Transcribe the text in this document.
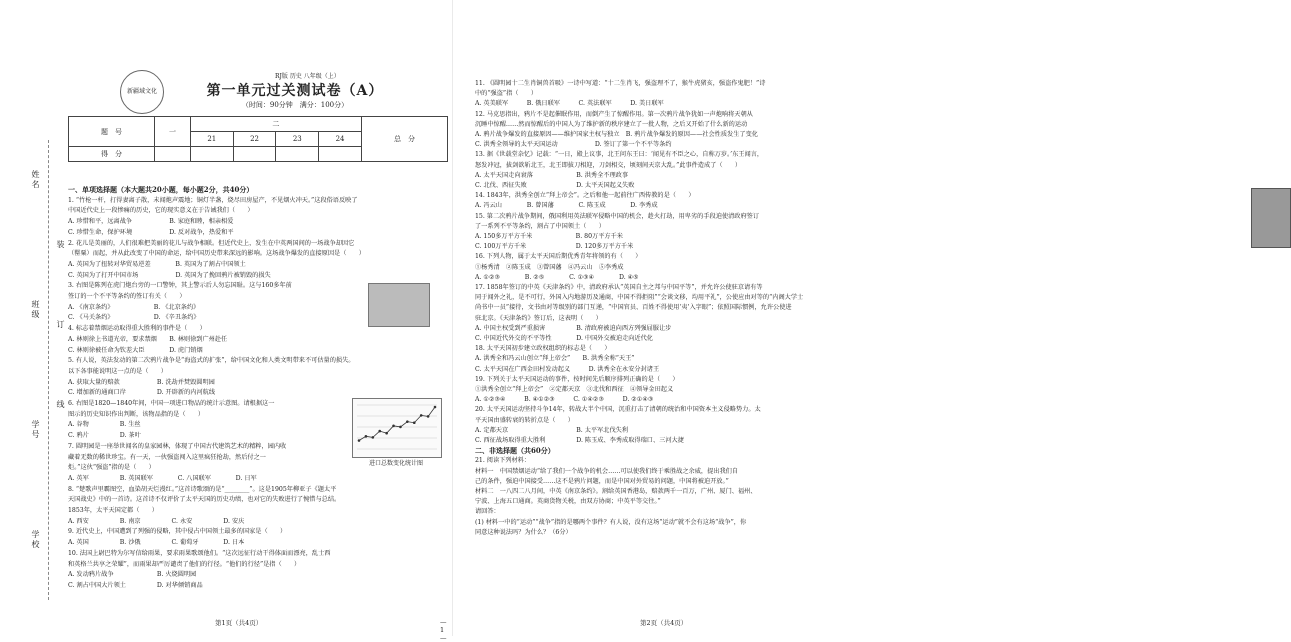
姓名
班级
学号
学校
装
订
线
新疆域文化
RJ版 历史 八年级（上）
第一单元过关测试卷（A）
（时间：90分钟　满分：100分）
题　号	一	二				总　分
		21	22	23	24	
得　分						
一、单项选择题（本大题共20小题，每小题2分，共40分）
1. “竹枪一杆，打得妻离子散，未闻炮声震地；铜灯半盏，烧尽田房屋产，不见烟火冲天。”这段俗语反映了
中国近代史上一段惨痛的历史，它的现实意义在于告诫我们（　　）
A. 珍惜和平，远离战争　　　　　　B. 家庭和睦，相亲相爱
C. 珍惜生命，保护环境　　　　　　D. 反对战争，热爱和平
2. 花儿是美丽的，人们很难把美丽的花儿与战争相联。但近代史上，发生在中英两国间的一场战争却因它
（罂粟）而起，并从此改变了中国的命运，给中国历史带来深远的影响。这场战争爆发的直接原因是（　　）
A. 英国为了扭转对华贸易逆差　　　　B. 英国为了割占中国领土
C. 英国为了打开中国市场　　　　　　D. 英国为了挽回鸦片被销毁的损失
3. 右图是陈列在虎门炮台旁的一口警钟，其上警示后人勿忘国耻。这与160多年前
签订的一个不平等条约的签订有关（　　）
A. 《南京条约》　　　　　　　B. 《北京条约》
C. 《马关条约》　　　　　　　D. 《辛丑条约》
4. 标志着禁烟运动取得重大胜利的事件是（　　）
A. 林则徐上书道光帝，要求禁烟　　B. 林则徐到广州赴任
C. 林则徐被任命为钦差大臣　　　　D. 虎门销烟
5. 有人说，英法发动的第二次鸦片战争是“海盗式的扩张”，给中国文化和人类文明带来不可估量的损失。
以下各事能说明这一点的是（　　）
A. 获取大量的赔款　　　　　　B. 洗劫并焚毁圆明园
C. 增加新的通商口岸　　　　　D. 开辟新的内河航线
6. 右图是1820—1840年间，中国一项进口物品的统计示意图。请根据这一
图示的历史知识作出判断，该物品指的是（　　）
A. 谷物　　　　　B. 生丝
C. 鸦片　　　　　D. 茶叶
7. 圆明园是一座举世闻名的皇家园林，体现了中国古代建筑艺术的精粹，园内收
藏着无数的稀世珍宝。有一天，一伙强盗闯入这里疯狂抢劫，然后付之一
炬。”这伙“强盗”指的是（　　）
A. 英军　　　　　B. 英国联军　　　　C. 八国联军　　　　D. 日军
8. “楚歌声里霸图空，血染胡天烂漫红。”这首诗歌颂的是“________”。这是1905年柳亚子《题太平
天国战史》中的一首诗。这首诗不仅评价了太平天国的历史功绩，也对它的失败进行了惋惜与总结。
1853年，太平天国定都（　　）
A. 西安　　　　　B. 南京　　　　　C. 永安　　　　　D. 安庆
9. 近代史上，中国遭到了列强的侵略，其中侵占中国领土最多的国家是（　　）
A. 英国　　　　　B. 沙俄　　　　　C. 葡萄牙　　　　D. 日本
10. 法国上尉巴特为尔写信给雨果，要求雨果歌颂他们。“这次远征行动干得体面而漂亮，乱士西
和英格兰共享之荣耀”，而雨果却严厉谴责了他们的行径。“他们的行径”是指（　　）
A. 发动鸦片战争　　　　　　　B. 火烧圆明园
C. 割占中国大片领土　　　　　D. 对华倾销商品
进口总数变化统计图
第1页（共4页）	— 1 —
11. 《圆明园十二生肖铜兽首吸》一诗中写道：“十二生肖飞，强盗理不了，猴牛虎猪亥，强盗作鬼肥！”诗
中的“强盗”指（　　）
A. 英美联军　　　B. 俄日联军　　　C. 英法联军　　　D. 美日联军
12. 马克思指出，鸦片不是起催眠作用，而倒产生了惊醒作用。第一次鸦片战争犹如一声炮响将天朝从
沉睡中惊醒……然而惊醒后的中国人为了维护新的秩序建立了一批人物，之后又开始了什么新的运动
A. 鸦片战争爆发的直接原因——维护国家主权与独立　B. 鸦片战争爆发的原因——社会性质发生了变化
C. 洪秀全领导的太平天国运动　　　　　　D. 签订了第一个不平等条约
13. 据《世载堂杂忆》记载：“一日，殿上议事，北王问东王曰：‘闻见有不臣之心，自称万岁。’东王闻言，
怒发冲冠，拔剑欲斩北王，北王即拔刀相迎，刀剑相交，顷刻间天京大乱。”此事件造成了（　　）
A. 太平天国走向衰落　　　　　　　B. 洪秀全不理政事
C. 北伐、西征失败　　　　　　　　D. 太平天国起义失败
14. 1843年，洪秀全创立“拜上帝会”。之后和他一起前往广西传教的是（　　）
A. 冯云山　　　　B. 曾国藩　　　　C. 陈玉成　　　　D. 李秀成
15. 第二次鸦片战争期间，俄国利用英法联军侵略中国的机会，趁火打劫，用卑劣的手段迫使清政府签订
了一系列不平等条约，割占了中国领土（　　）
A. 150多万平方千米　　　　　　　B. 80万平方千米
C. 100万平方千米　　　　　　　　D. 120多万平方千米
16. 下列人物，属于太平天国后期优秀青年将领的有（　　）
①杨秀清　②陈玉成　③曾国藩　④冯云山　⑤李秀成
A. ①②③　　　　B. ②⑤　　　　C. ①③④　　　　D. ④⑤
17. 1858年签订的中英《天津条约》中，清政府承认“英国自主之邦与中国平等”，并允许公使驻京请有等
同于闻外之礼，是不可行，外国入内地游历及通商，中国不得拒阻”“会谈文移，均用平礼”，公使应由对等的“内阁大学士
尚书中一员”接待，文书由对等级别的部门互递，“中国官员、百姓不得使用‘夷’入字眼”；依照国际惯例，允许公使进
驻北京。《天津条约》签订后，这表明（　　）
A. 中国主权受到严重损害　　　　　B. 清政府被迫向西方列强屈服让步
C. 中国近代外交的不平等性　　　　D. 中国外交被迫走向近代化
18. 太平天国初步建立政权组织的标志是（　　）
A. 洪秀全和冯云山创立“拜上帝会”　　B. 洪秀全称“天王”
C. 太平天国在广西金田村发动起义　　　D. 洪秀全在永安分封诸王
19. 下列关于太平天国运动的事件，按时间先后顺序排列正确的是（　　）
①洪秀全创立“拜上帝会”　②定都天京　③北伐和西征　④领导金田起义
A. ①②③④　　　B. ④①②③　　　C. ①④②③　　　D. ②①④③
20. 太平天国运动坚持斗争14年，转战大半个中国，沉重打击了清朝的统治和中国资本主义侵略势力。太
平天国由盛转衰的转折点是（　　）
A. 定都天京　　　　　　　　　　　B. 太平军北伐失利
C. 西征战场取得重大胜利　　　　　D. 陈玉成、李秀成取得瑞口、三河大捷
二、非选择题（共60分）
21. 阅读下列材料：
材料一　中国禁烟运动“给了我们一个战争的机会……可以使我们终于乘胜战之余威，提出我们自
己的条件，强迫中国接受……这不是鸦片问题，而是中国对外贸易的问题，中国将被迫开放。”
材料二　一八四二八月间，中英《南京条约》。割给英国香港岛，赔款两千一百万，广州、厦门、福州、
宁波、上海五口通商。英商货物关税，由双方协商；中英平等交往。”
请回答：
(1) 材料一中的“运动”“战争”指的是哪两个事件？有人说，没有这场“运动”就不会有这场“战争”，你
同意这种说法吗？为什么？（6分）
第2页（共4页）
